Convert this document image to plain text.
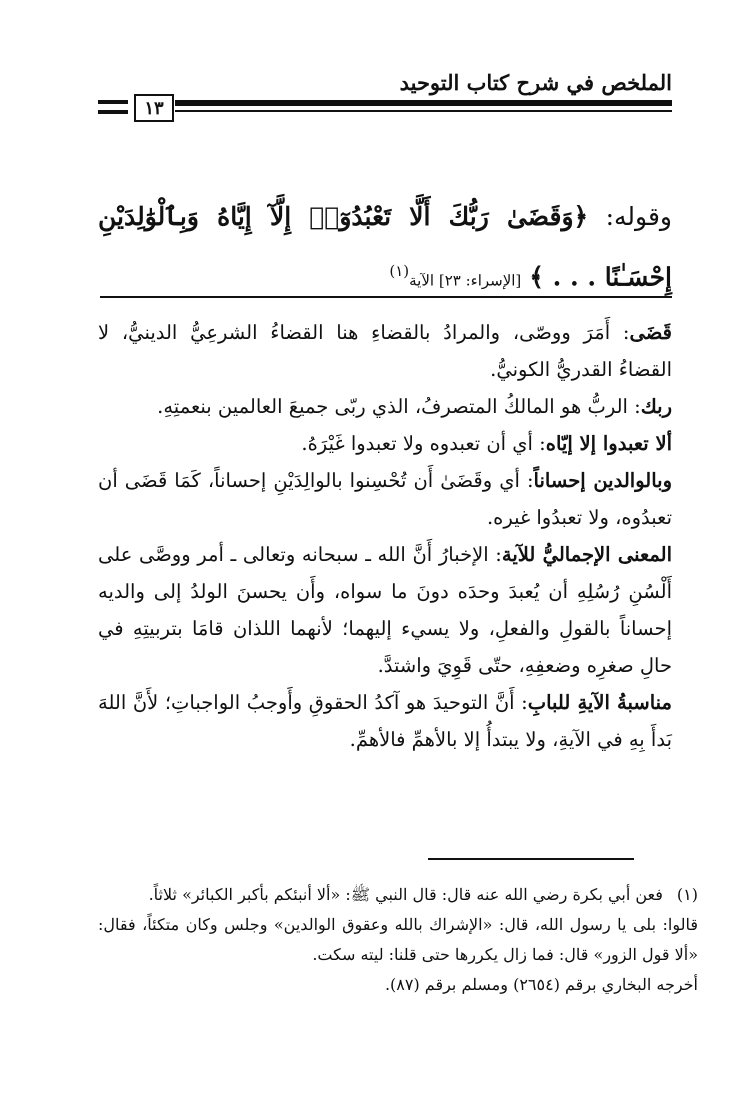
الملخص في شرح كتاب التوحيد
١٣
وقوله: ﴿وَقَضَىٰ رَبُّكَ أَلَّا تَعْبُدُوٓا۟ إِلَّآ إِيَّاهُ وَبِٱلْوَٰلِدَيْنِ إِحْسَـٰنًا . . . ﴾ [الإسراء: ٢٣] الآية$^{(١)}$

قَضَى: أَمَرَ ووصّى، والمرادُ بالقضاءِ هنا القضاءُ الشرعِيُّ الدينيُّ، لا القضاءُ القدريُّ الكونيُّ.

ربك: الربُّ هو المالكُ المتصرفُ، الذي ربّى جميعَ العالمين بنعمتِهِ.

ألا تعبدوا إلا إيّاه: أي أن تعبدوه ولا تعبدوا غَيْرَهُ.

وبالوالدين إحساناً: أي وقَضَىٰ أَن تُحْسِنوا بالوالِدَيْنِ إحساناً، كَمَا قَضَى أن تعبدُوه، ولا تعبدُوا غيره.

المعنى الإجماليُّ للآية: الإخبارُ أَنَّ الله ـ سبحانه وتعالى ـ أمر ووصَّى على أَلْسُنِ رُسُلِهِ أن يُعبدَ وحدَه دونَ ما سواه، وأَن يحسنَ الولدُ إلى والديه إحساناً بالقولِ والفعلِ، ولا يسيء إليهما؛ لأنهما اللذان قامَا بتربيتِهِ في حالِ صغرِه وضعفِهِ، حتّى قَوِيَ واشتدَّ.

مناسبةُ الآيةِ للبابِ: أَنَّ التوحيدَ هو آكدُ الحقوقِ وأَوجبُ الواجباتِ؛ لأَنَّ اللهَ بَدأَ بِهِ في الآيةِ، ولا يبتدأُ إلا بالأهمِّ فالأهمِّ.

(١)فعن أبي بكرة رضي الله عنه قال: قال النبي ﷺ: «ألا أنبئكم بأكبر الكبائر» ثلاثاً.

قالوا: بلى يا رسول الله، قال: «الإشراك بالله وعقوق الوالدين» وجلس وكان متكئاً، فقال: «ألا قول الزور» قال: فما زال يكررها حتى قلنا: ليته سكت.

أخرجه البخاري برقم (٢٦٥٤) ومسلم برقم (٨٧).
